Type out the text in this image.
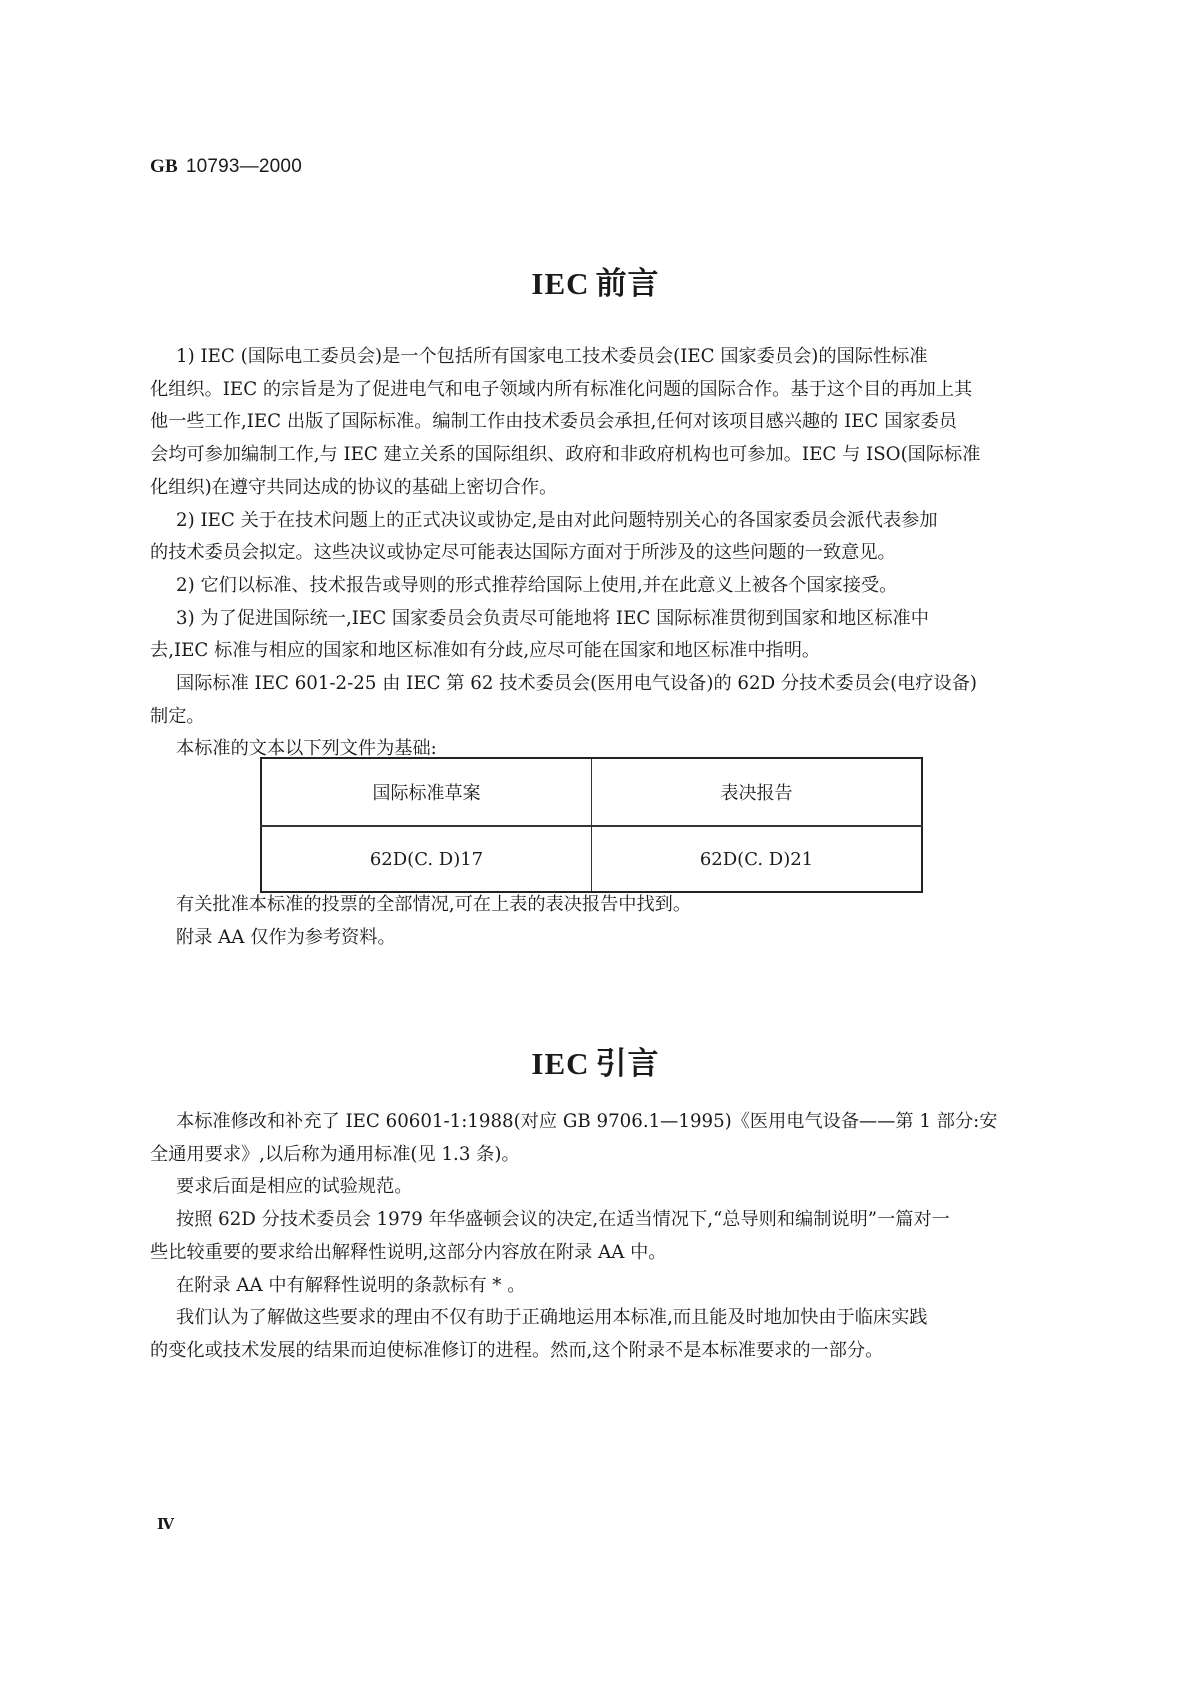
GB 10793—2000
IEC 前言

1) IEC (国际电工委员会)是一个包括所有国家电工技术委员会(IEC 国家委员会)的国际性标准
化组织。IEC 的宗旨是为了促进电气和电子领域内所有标准化问题的国际合作。基于这个目的再加上其
他一些工作,IEC 出版了国际标准。编制工作由技术委员会承担,任何对该项目感兴趣的 IEC 国家委员
会均可参加编制工作,与 IEC 建立关系的国际组织、政府和非政府机构也可参加。IEC 与 ISO(国际标准
化组织)在遵守共同达成的协议的基础上密切合作。

2) IEC 关于在技术问题上的正式决议或协定,是由对此问题特别关心的各国家委员会派代表参加
的技术委员会拟定。这些决议或协定尽可能表达国际方面对于所涉及的这些问题的一致意见。

2) 它们以标准、技术报告或导则的形式推荐给国际上使用,并在此意义上被各个国家接受。

3) 为了促进国际统一,IEC 国家委员会负责尽可能地将 IEC 国际标准贯彻到国家和地区标准中
去,IEC 标准与相应的国家和地区标准如有分歧,应尽可能在国家和地区标准中指明。

国际标准 IEC 601-2-25 由 IEC 第 62 技术委员会(医用电气设备)的 62D 分技术委员会(电疗设备)
制定。

本标准的文本以下列文件为基础:

国际标准草案	表决报告
62D(C. D)17	62D(C. D)21

有关批准本标准的投票的全部情况,可在上表的表决报告中找到。

附录 AA 仅作为参考资料。

IEC 引言

本标准修改和补充了 IEC 60601-1:1988(对应 GB 9706.1—1995)《医用电气设备——第 1 部分:安
全通用要求》,以后称为通用标准(见 1.3 条)。

要求后面是相应的试验规范。

按照 62D 分技术委员会 1979 年华盛顿会议的决定,在适当情况下,“总导则和编制说明”一篇对一
些比较重要的要求给出解释性说明,这部分内容放在附录 AA 中。

在附录 AA 中有解释性说明的条款标有 * 。

我们认为了解做这些要求的理由不仅有助于正确地运用本标准,而且能及时地加快由于临床实践
的变化或技术发展的结果而迫使标准修订的进程。然而,这个附录不是本标准要求的一部分。

Ⅳ
